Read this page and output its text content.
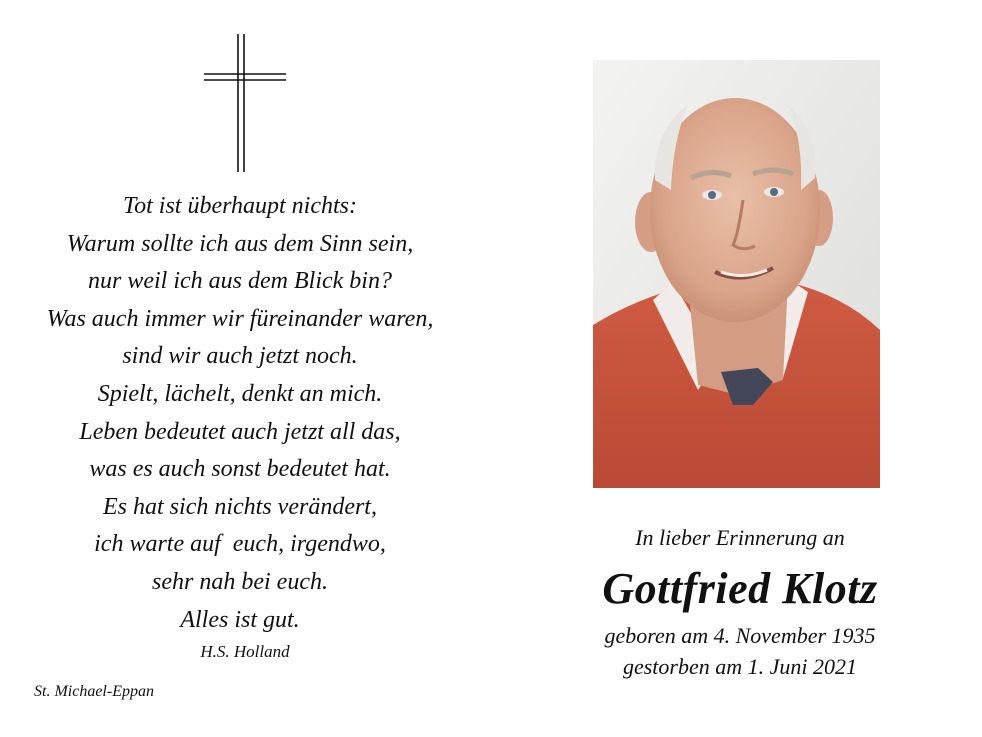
Tot ist überhaupt nichts:
Warum sollte ich aus dem Sinn sein,
nur weil ich aus dem Blick bin?
Was auch immer wir füreinander waren,
sind wir auch jetzt noch.
Spielt, lächelt, denkt an mich.
Leben bedeutet auch jetzt all das,
was es auch sonst bedeutet hat.
Es hat sich nichts verändert,
ich warte auf  euch, irgendwo,
sehr nah bei euch.
Alles ist gut.
H.S. Holland
St. Michael-Eppan
In lieber Erinnerung an
Gottfried Klotz
geboren am 4. November 1935
gestorben am 1. Juni 2021
